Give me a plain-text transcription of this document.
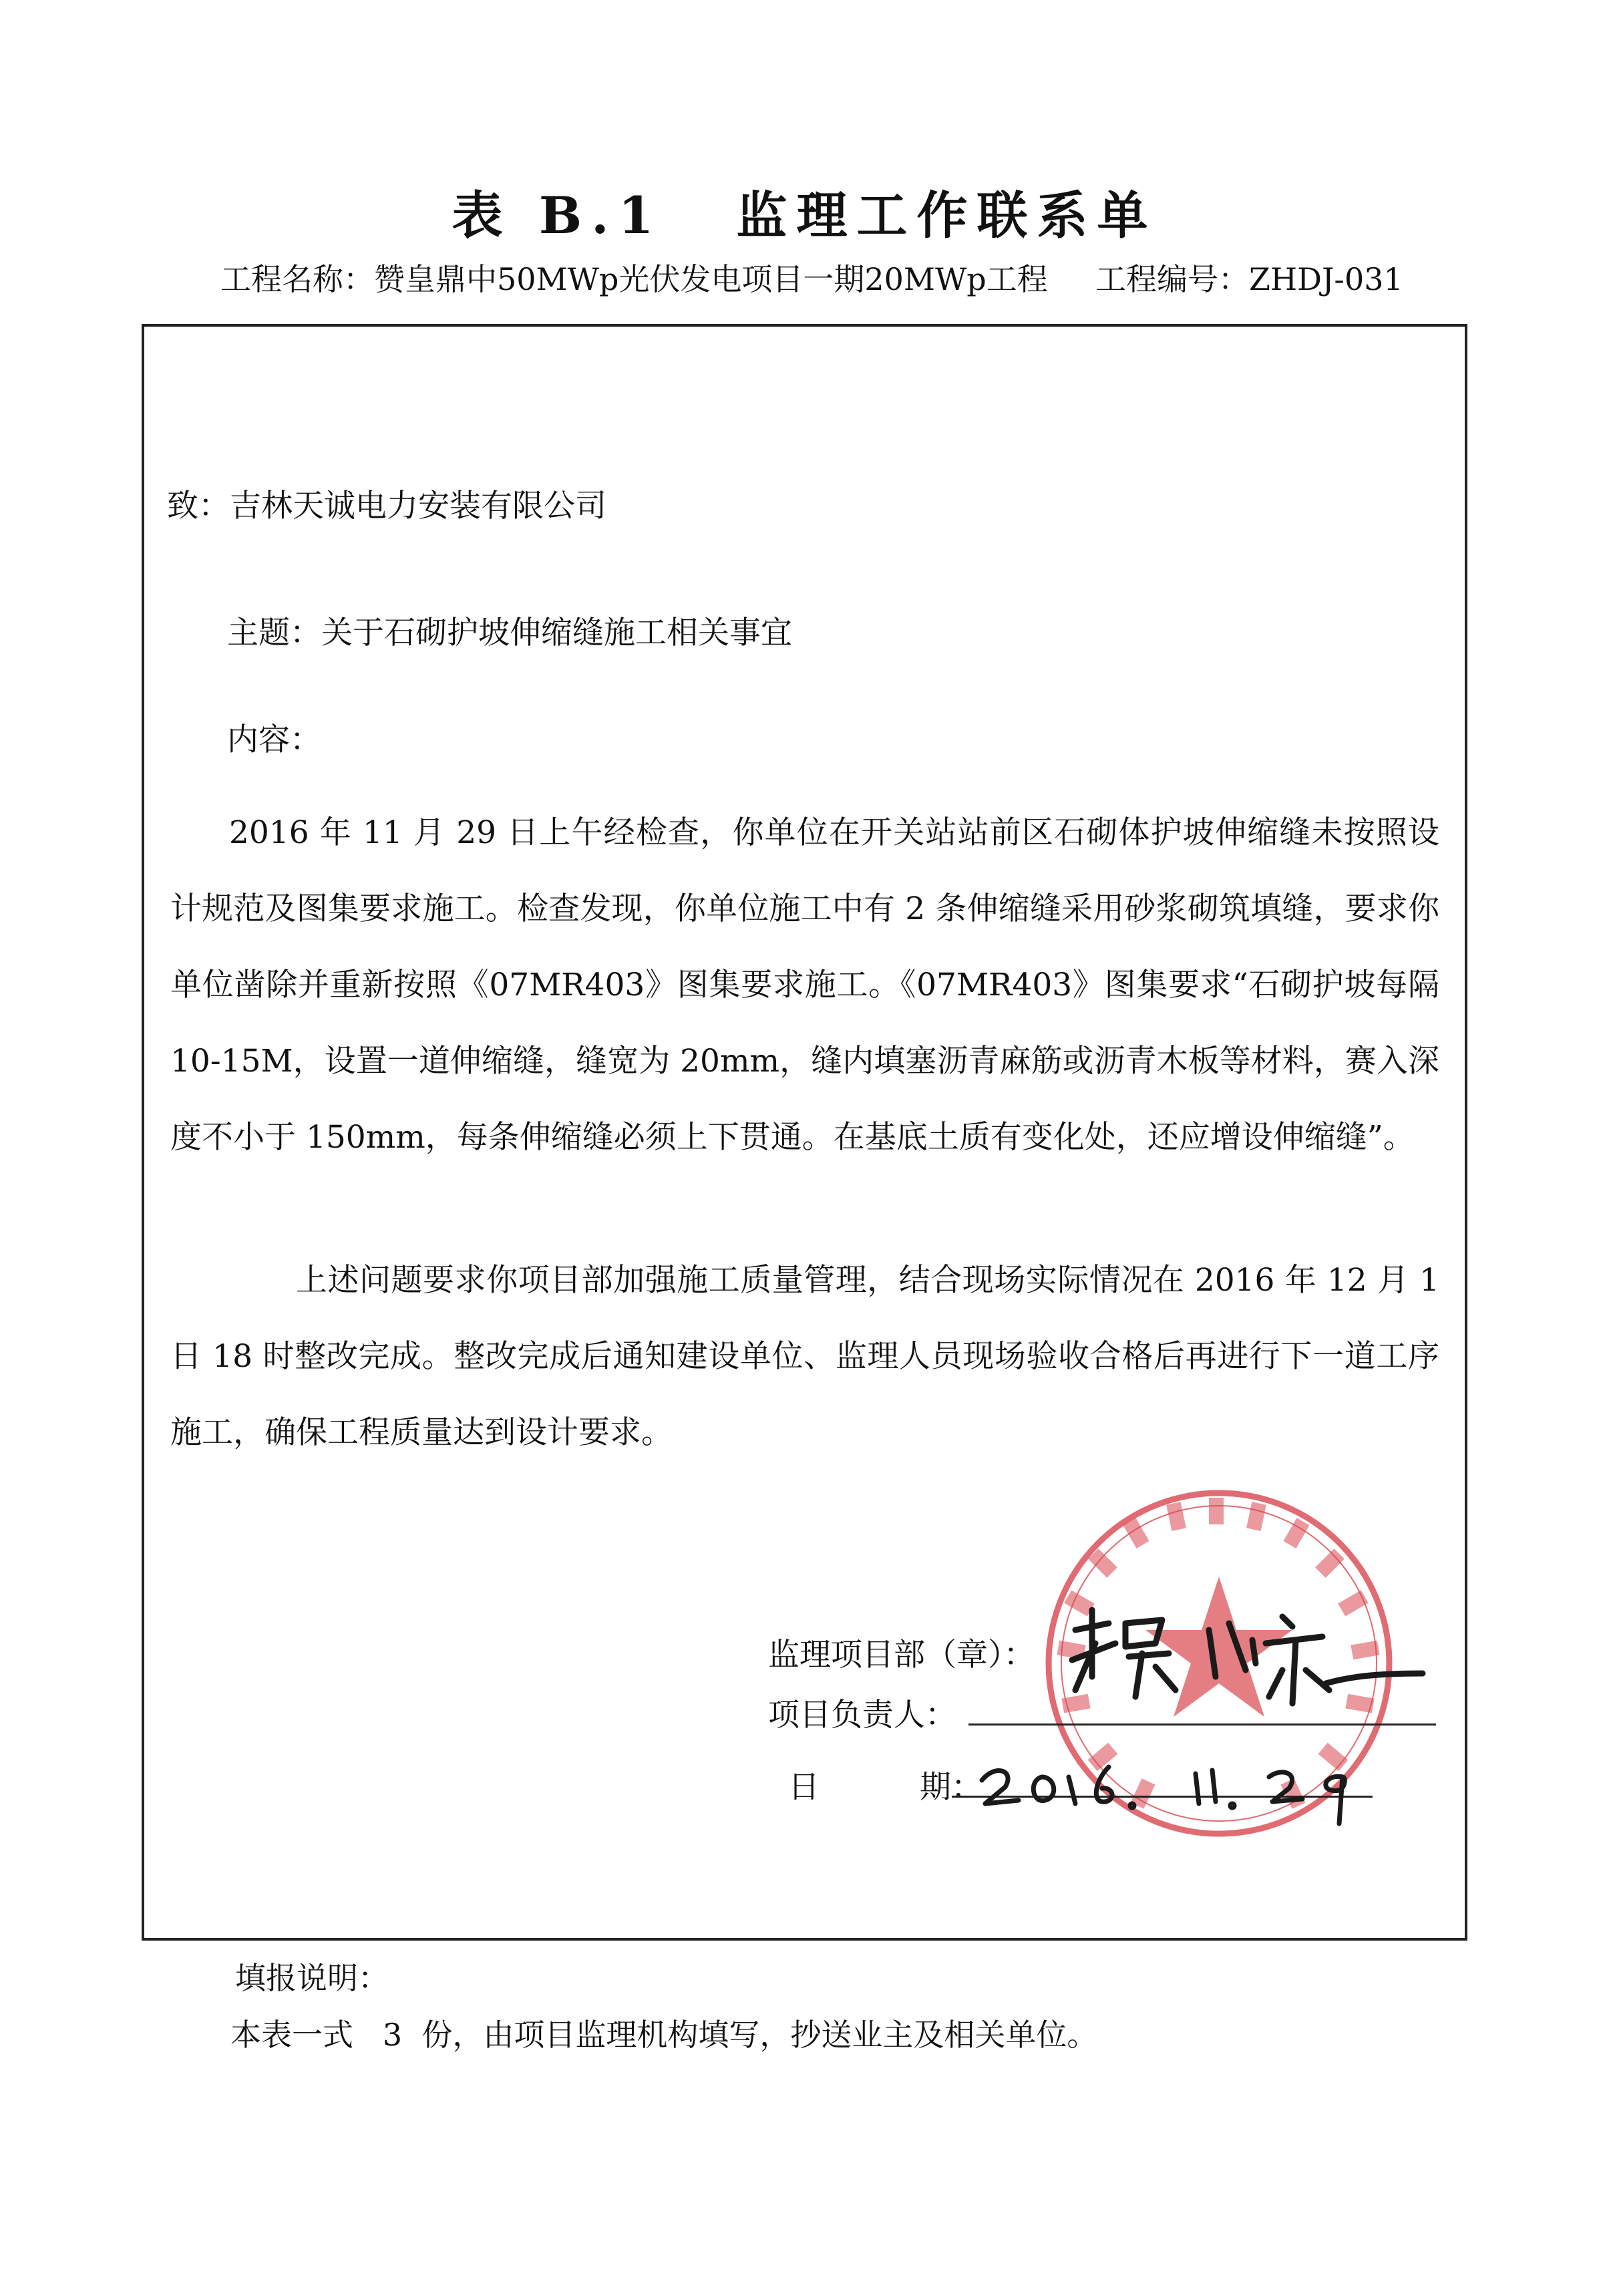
表 B.1 监理工作联系单
工程名称：赞皇鼎中50MWp光伏发电项目一期20MWp工程 工程编号：ZHDJ-031
致：吉林天诚电力安装有限公司
主题：关于石砌护坡伸缩缝施工相关事宜
内容：
2016 年 11 月 29 日上午经检查，你单位在开关站站前区石砌体护坡伸缩缝未按照设计规范及图集要求施工。检查发现，你单位施工中有 2 条伸缩缝采用砂浆砌筑填缝，要求你单位凿除并重新按照《07MR403》图集要求施工。《07MR403》图集要求“石砌护坡每隔10-15M，设置一道伸缩缝，缝宽为 20mm，缝内填塞沥青麻筋或沥青木板等材料，赛入深度不小于 150mm，每条伸缩缝必须上下贯通。在基底土质有变化处，还应增设伸缩缝”。
上述问题要求你项目部加强施工质量管理，结合现场实际情况在 2016 年 12 月 1 日 18 时整改完成。整改完成后通知建设单位、监理人员现场验收合格后再进行下一道工序施工，确保工程质量达到设计要求。
监理项目部（章）：
项目负责人：
日	期：
填报说明：
本表一式   3  份，由项目监理机构填写，抄送业主及相关单位。
